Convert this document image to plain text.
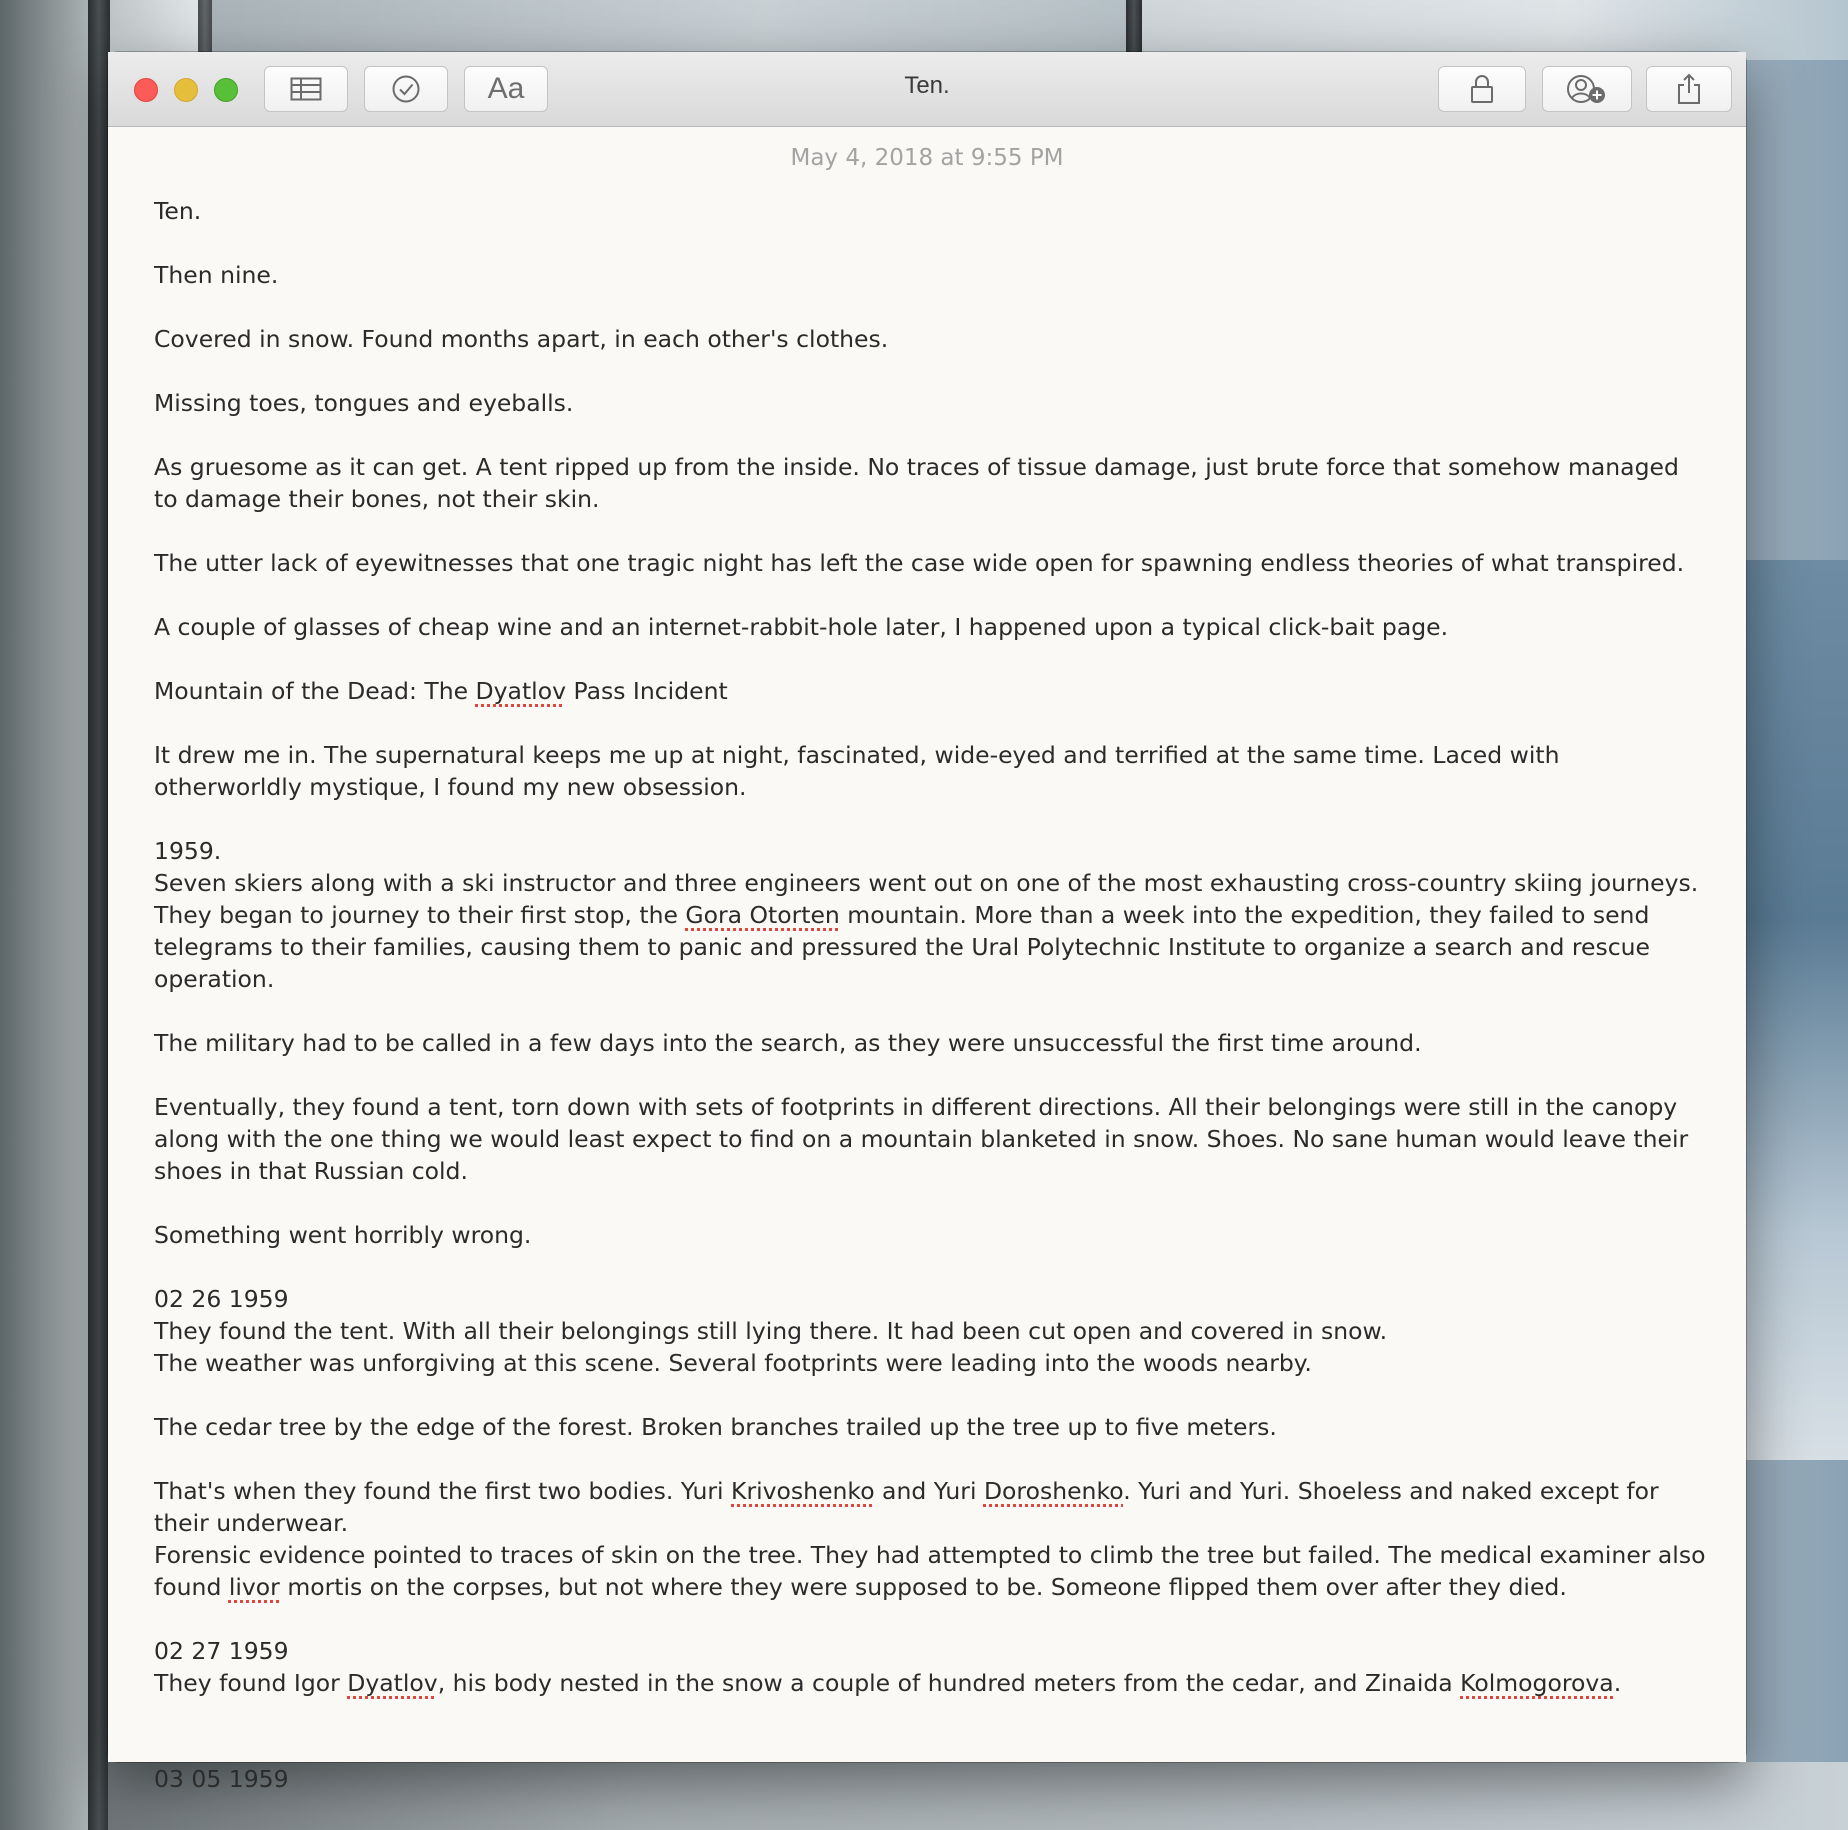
Aa	Ten.
May 4, 2018 at 9:55 PM

Ten.

Then nine.

Covered in snow. Found months apart, in each other's clothes.

Missing toes, tongues and eyeballs.

As gruesome as it can get. A tent ripped up from the inside. No traces of tissue damage, just brute force that somehow managed to damage their bones, not their skin.

The utter lack of eyewitnesses that one tragic night has left the case wide open for spawning endless theories of what transpired.

A couple of glasses of cheap wine and an internet-rabbit-hole later, I happened upon a typical click-bait page.

Mountain of the Dead: The Dyatlov Pass Incident

It drew me in. The supernatural keeps me up at night, fascinated, wide-eyed and terrified at the same time. Laced with otherworldly mystique, I found my new obsession.

1959.
Seven skiers along with a ski instructor and three engineers went out on one of the most exhausting cross-country skiing journeys. They began to journey to their first stop, the Gora Otorten mountain. More than a week into the expedition, they failed to send telegrams to their families, causing them to panic and pressured the Ural Polytechnic Institute to organize a search and rescue operation.

The military had to be called in a few days into the search, as they were unsuccessful the first time around.

Eventually, they found a tent, torn down with sets of footprints in different directions. All their belongings were still in the canopy along with the one thing we would least expect to find on a mountain blanketed in snow. Shoes. No sane human would leave their shoes in that Russian cold.

Something went horribly wrong.

02 26 1959
They found the tent. With all their belongings still lying there. It had been cut open and covered in snow.
The weather was unforgiving at this scene. Several footprints were leading into the woods nearby.

The cedar tree by the edge of the forest. Broken branches trailed up the tree up to five meters.

That's when they found the first two bodies. Yuri Krivoshenko and Yuri Doroshenko. Yuri and Yuri. Shoeless and naked except for their underwear.
Forensic evidence pointed to traces of skin on the tree. They had attempted to climb the tree but failed. The medical examiner also found livor mortis on the corpses, but not where they were supposed to be. Someone flipped them over after they died.

02 27 1959
They found Igor Dyatlov, his body nested in the snow a couple of hundred meters from the cedar, and Zinaida Kolmogorova.

03 05 1959
